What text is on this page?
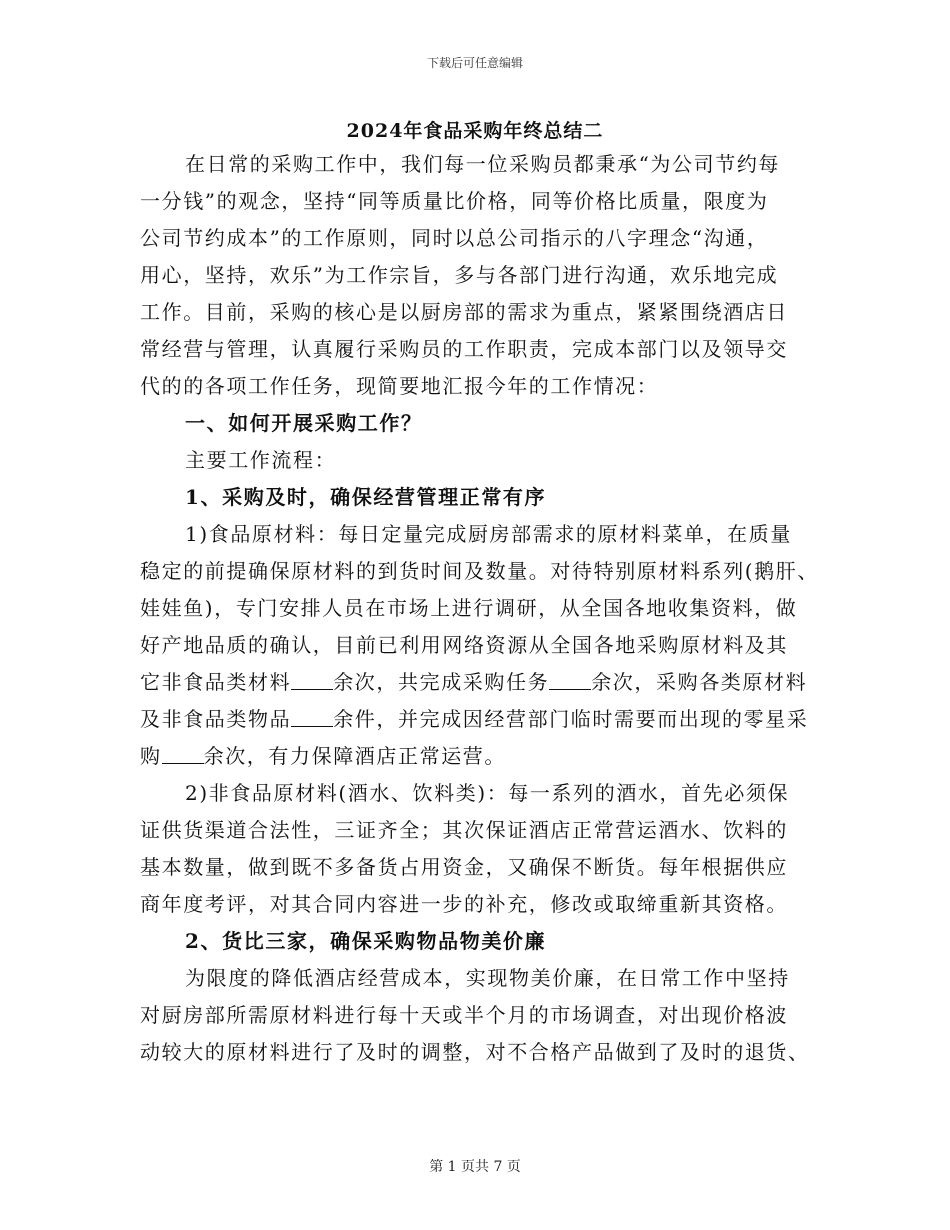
下载后可任意编辑
2024年食品采购年终总结二
在日常的采购工作中，我们每一位采购员都秉承“为公司节约每
一分钱”的观念，坚持“同等质量比价格，同等价格比质量，限度为
公司节约成本”的工作原则，同时以总公司指示的八字理念“沟通，
用心，坚持，欢乐”为工作宗旨，多与各部门进行沟通，欢乐地完成
工作。目前，采购的核心是以厨房部的需求为重点，紧紧围绕酒店日
常经营与管理，认真履行采购员的工作职责，完成本部门以及领导交
代的的各项工作任务，现简要地汇报今年的工作情况：
一、如何开展采购工作？
主要工作流程：
1、采购及时，确保经营管理正常有序
1)食品原材料：每日定量完成厨房部需求的原材料菜单，在质量
稳定的前提确保原材料的到货时间及数量。对待特别原材料系列(鹅肝、
娃娃鱼)，专门安排人员在市场上进行调研，从全国各地收集资料，做
好产地品质的确认，目前已利用网络资源从全国各地采购原材料及其
它非食品类材料 余次，共完成采购任务 余次，采购各类原材料
及非食品类物品 余件，并完成因经营部门临时需要而出现的零星采
购 余次，有力保障酒店正常运营。
2)非食品原材料(酒水、饮料类)：每一系列的酒水，首先必须保
证供货渠道合法性，三证齐全；其次保证酒店正常营运酒水、饮料的
基本数量，做到既不多备货占用资金，又确保不断货。每年根据供应
商年度考评，对其合同内容进一步的补充，修改或取缔重新其资格。
2、货比三家，确保采购物品物美价廉
为限度的降低酒店经营成本，实现物美价廉，在日常工作中坚持
对厨房部所需原材料进行每十天或半个月的市场调查，对出现价格波
动较大的原材料进行了及时的调整，对不合格产品做到了及时的退货、
第 1 页共 7 页
